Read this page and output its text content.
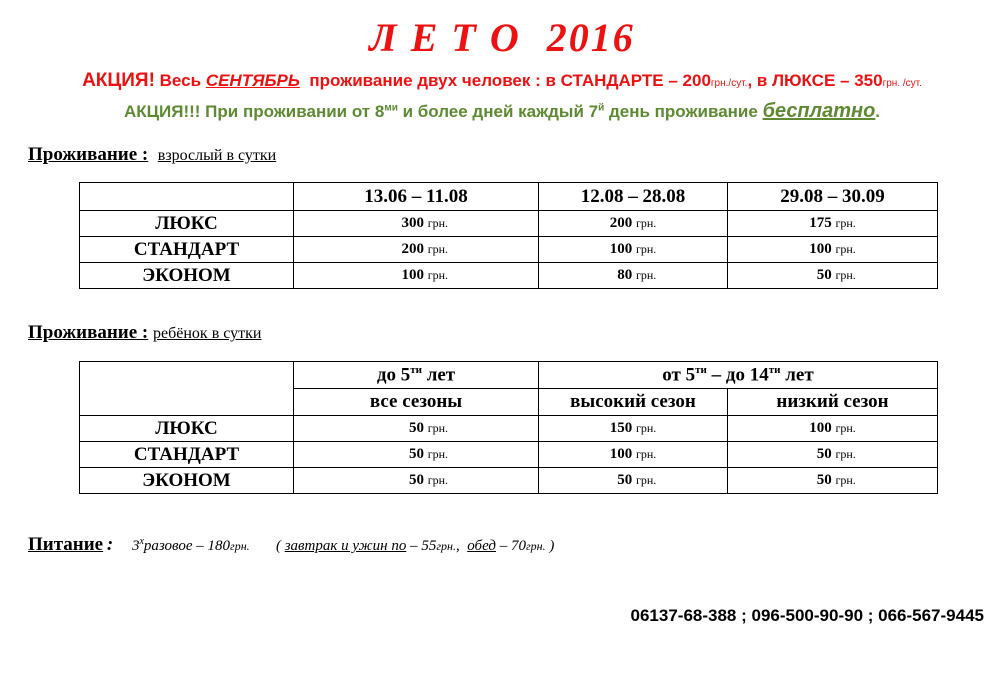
Л Е Т О 2016
АКЦИЯ! Весь СЕНТЯБРЬ проживание двух человек : в СТАНДАРТЕ – 200грн./сут., в ЛЮКСЕ – 350грн. /сут.
АКЦИЯ!!! При проживании от $8^{ми}$ и более дней каждый $7^й$ день проживание бесплатно.
Проживание : взрослый в сутки
	13.06 – 11.08	12.08 – 28.08	29.08 – 30.09
ЛЮКС	300 грн.	200 грн.	175 грн.
СТАНДАРТ	200 грн.	100 грн.	100 грн.
ЭКОНОМ	100 грн.	80 грн.	50 грн.
Проживание : ребёнок в сутки
	до $5^{ти}$ лет	от $5^{ти}$ – до $14^{ти}$ лет	
	все сезоны	высокий сезон	низкий сезон
ЛЮКС	50 грн.	150 грн.	100 грн.
СТАНДАРТ	50 грн.	100 грн.	50 грн.
ЭКОНОМ	50 грн.	50 грн.	50 грн.
Питание : $3^хразовое - 180грн$. ( завтрак и ужин по – 55грн., обед – 70грн. )
06137-68-388 ; 096-500-90-90 ; 066-567-9445
